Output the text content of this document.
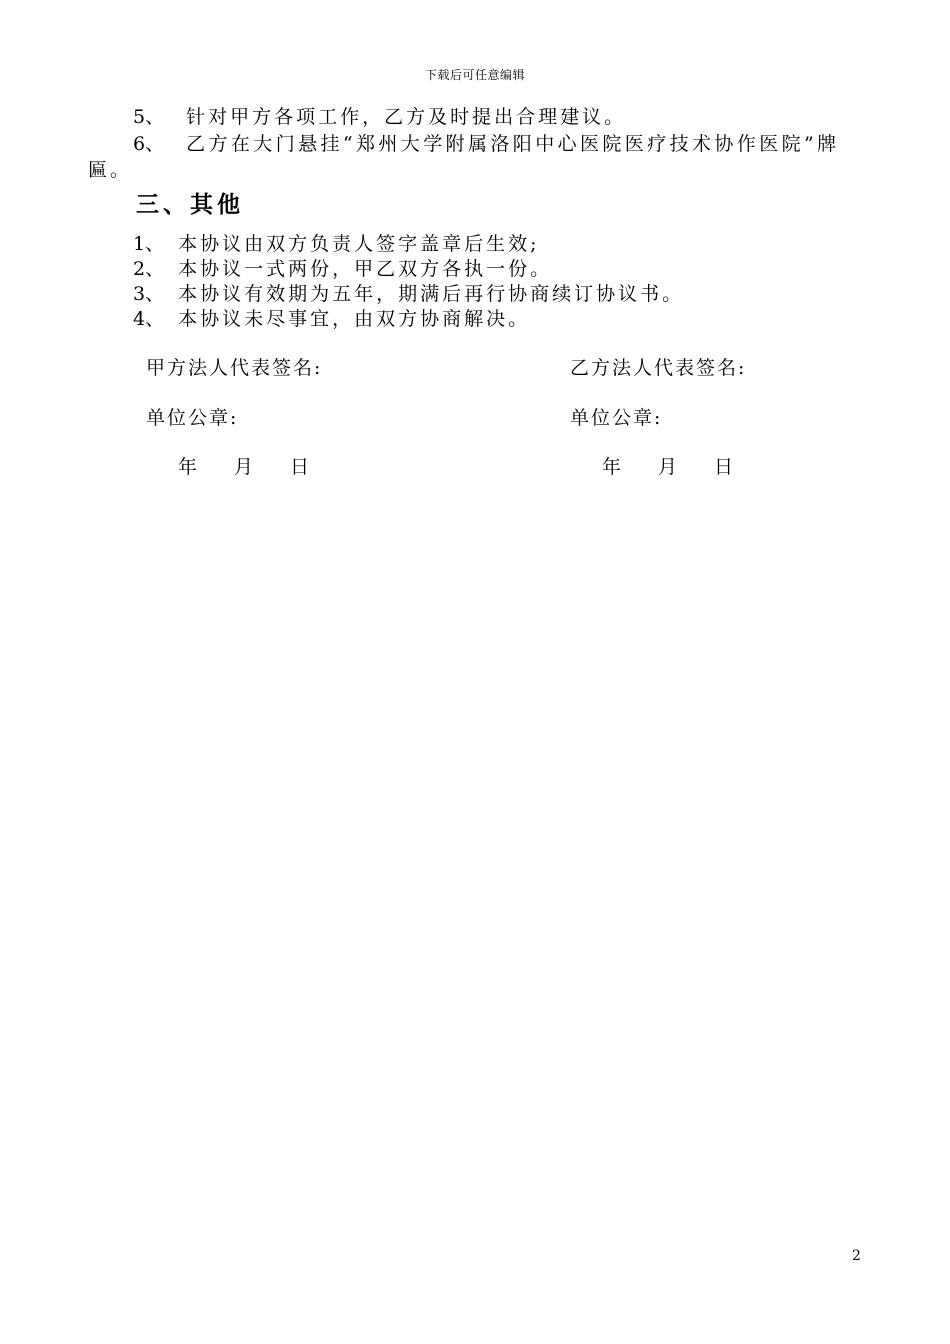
下载后可任意编辑
5、 针对甲方各项工作，乙方及时提出合理建议。
6、 乙方在大门悬挂“郑州大学附属洛阳中心医院医疗技术协作医院”牌
匾。
三、其他
1、 本协议由双方负责人签字盖章后生效;
2、 本协议一式两份，甲乙双方各执一份。
3、 本协议有效期为五年，期满后再行协商续订协议书。
4、 本协议未尽事宜，由双方协商解决。
甲方法人代表签名:
单位公章:
年 月 日
乙方法人代表签名:
单位公章:
年 月 日
2
